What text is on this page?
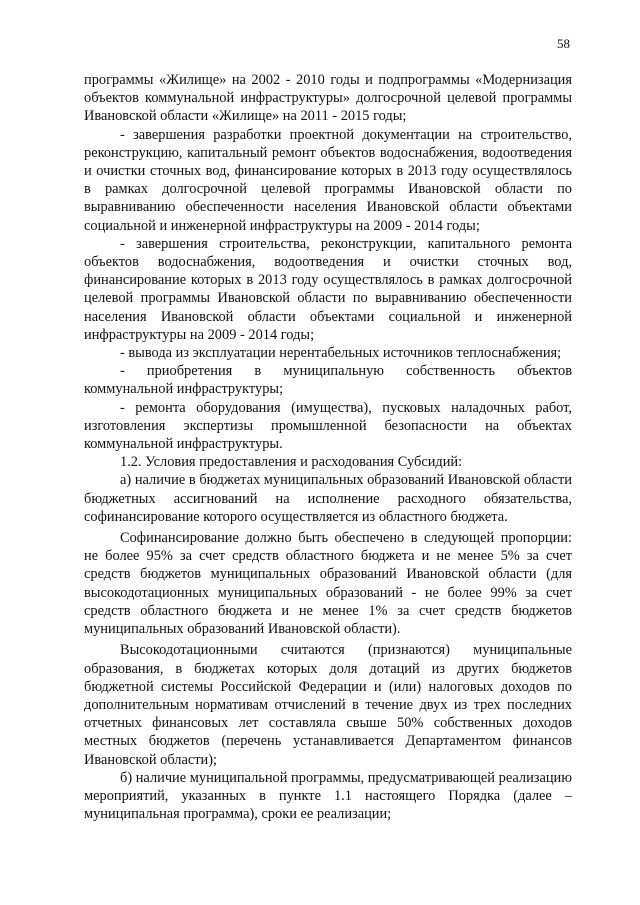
58

программы «Жилище» на 2002 - 2010 годы и подпрограммы «Модернизация объектов коммунальной инфраструктуры» долгосрочной целевой программы Ивановской области «Жилище» на 2011 - 2015 годы;

- завершения разработки проектной документации на строительство, реконструкцию, капитальный ремонт объектов водоснабжения, водоотведения и очистки сточных вод, финансирование которых в 2013 году осуществлялось в рамках долгосрочной целевой программы Ивановской области по выравниванию обеспеченности населения Ивановской области объектами социальной и инженерной инфраструктуры на 2009 - 2014 годы;

- завершения строительства, реконструкции, капитального ремонта объектов водоснабжения, водоотведения и очистки сточных вод, финансирование которых в 2013 году осуществлялось в рамках долгосрочной целевой программы Ивановской области по выравниванию обеспеченности населения Ивановской области объектами социальной и инженерной инфраструктуры на 2009 - 2014 годы;

- вывода из эксплуатации нерентабельных источников теплоснабжения;

- приобретения в муниципальную собственность объектов коммунальной инфраструктуры;

- ремонта оборудования (имущества), пусковых наладочных работ, изготовления экспертизы промышленной безопасности на объектах коммунальной инфраструктуры.

1.2. Условия предоставления и расходования Субсидий:

а) наличие в бюджетах муниципальных образований Ивановской области бюджетных ассигнований на исполнение расходного обязательства, софинансирование которого осуществляется из областного бюджета.

Софинансирование должно быть обеспечено в следующей пропорции: не более 95% за счет средств областного бюджета и не менее 5% за счет средств бюджетов муниципальных образований Ивановской области (для высокодотационных муниципальных образований - не более 99% за счет средств областного бюджета и не менее 1% за счет средств бюджетов муниципальных образований Ивановской области).

Высокодотационными считаются (признаются) муниципальные образования, в бюджетах которых доля дотаций из других бюджетов бюджетной системы Российской Федерации и (или) налоговых доходов по дополнительным нормативам отчислений в течение двух из трех последних отчетных финансовых лет составляла свыше 50% собственных доходов местных бюджетов (перечень устанавливается Департаментом финансов Ивановской области);

б) наличие муниципальной программы, предусматривающей реализацию мероприятий, указанных в пункте 1.1 настоящего Порядка (далее – муниципальная программа), сроки ее реализации;
